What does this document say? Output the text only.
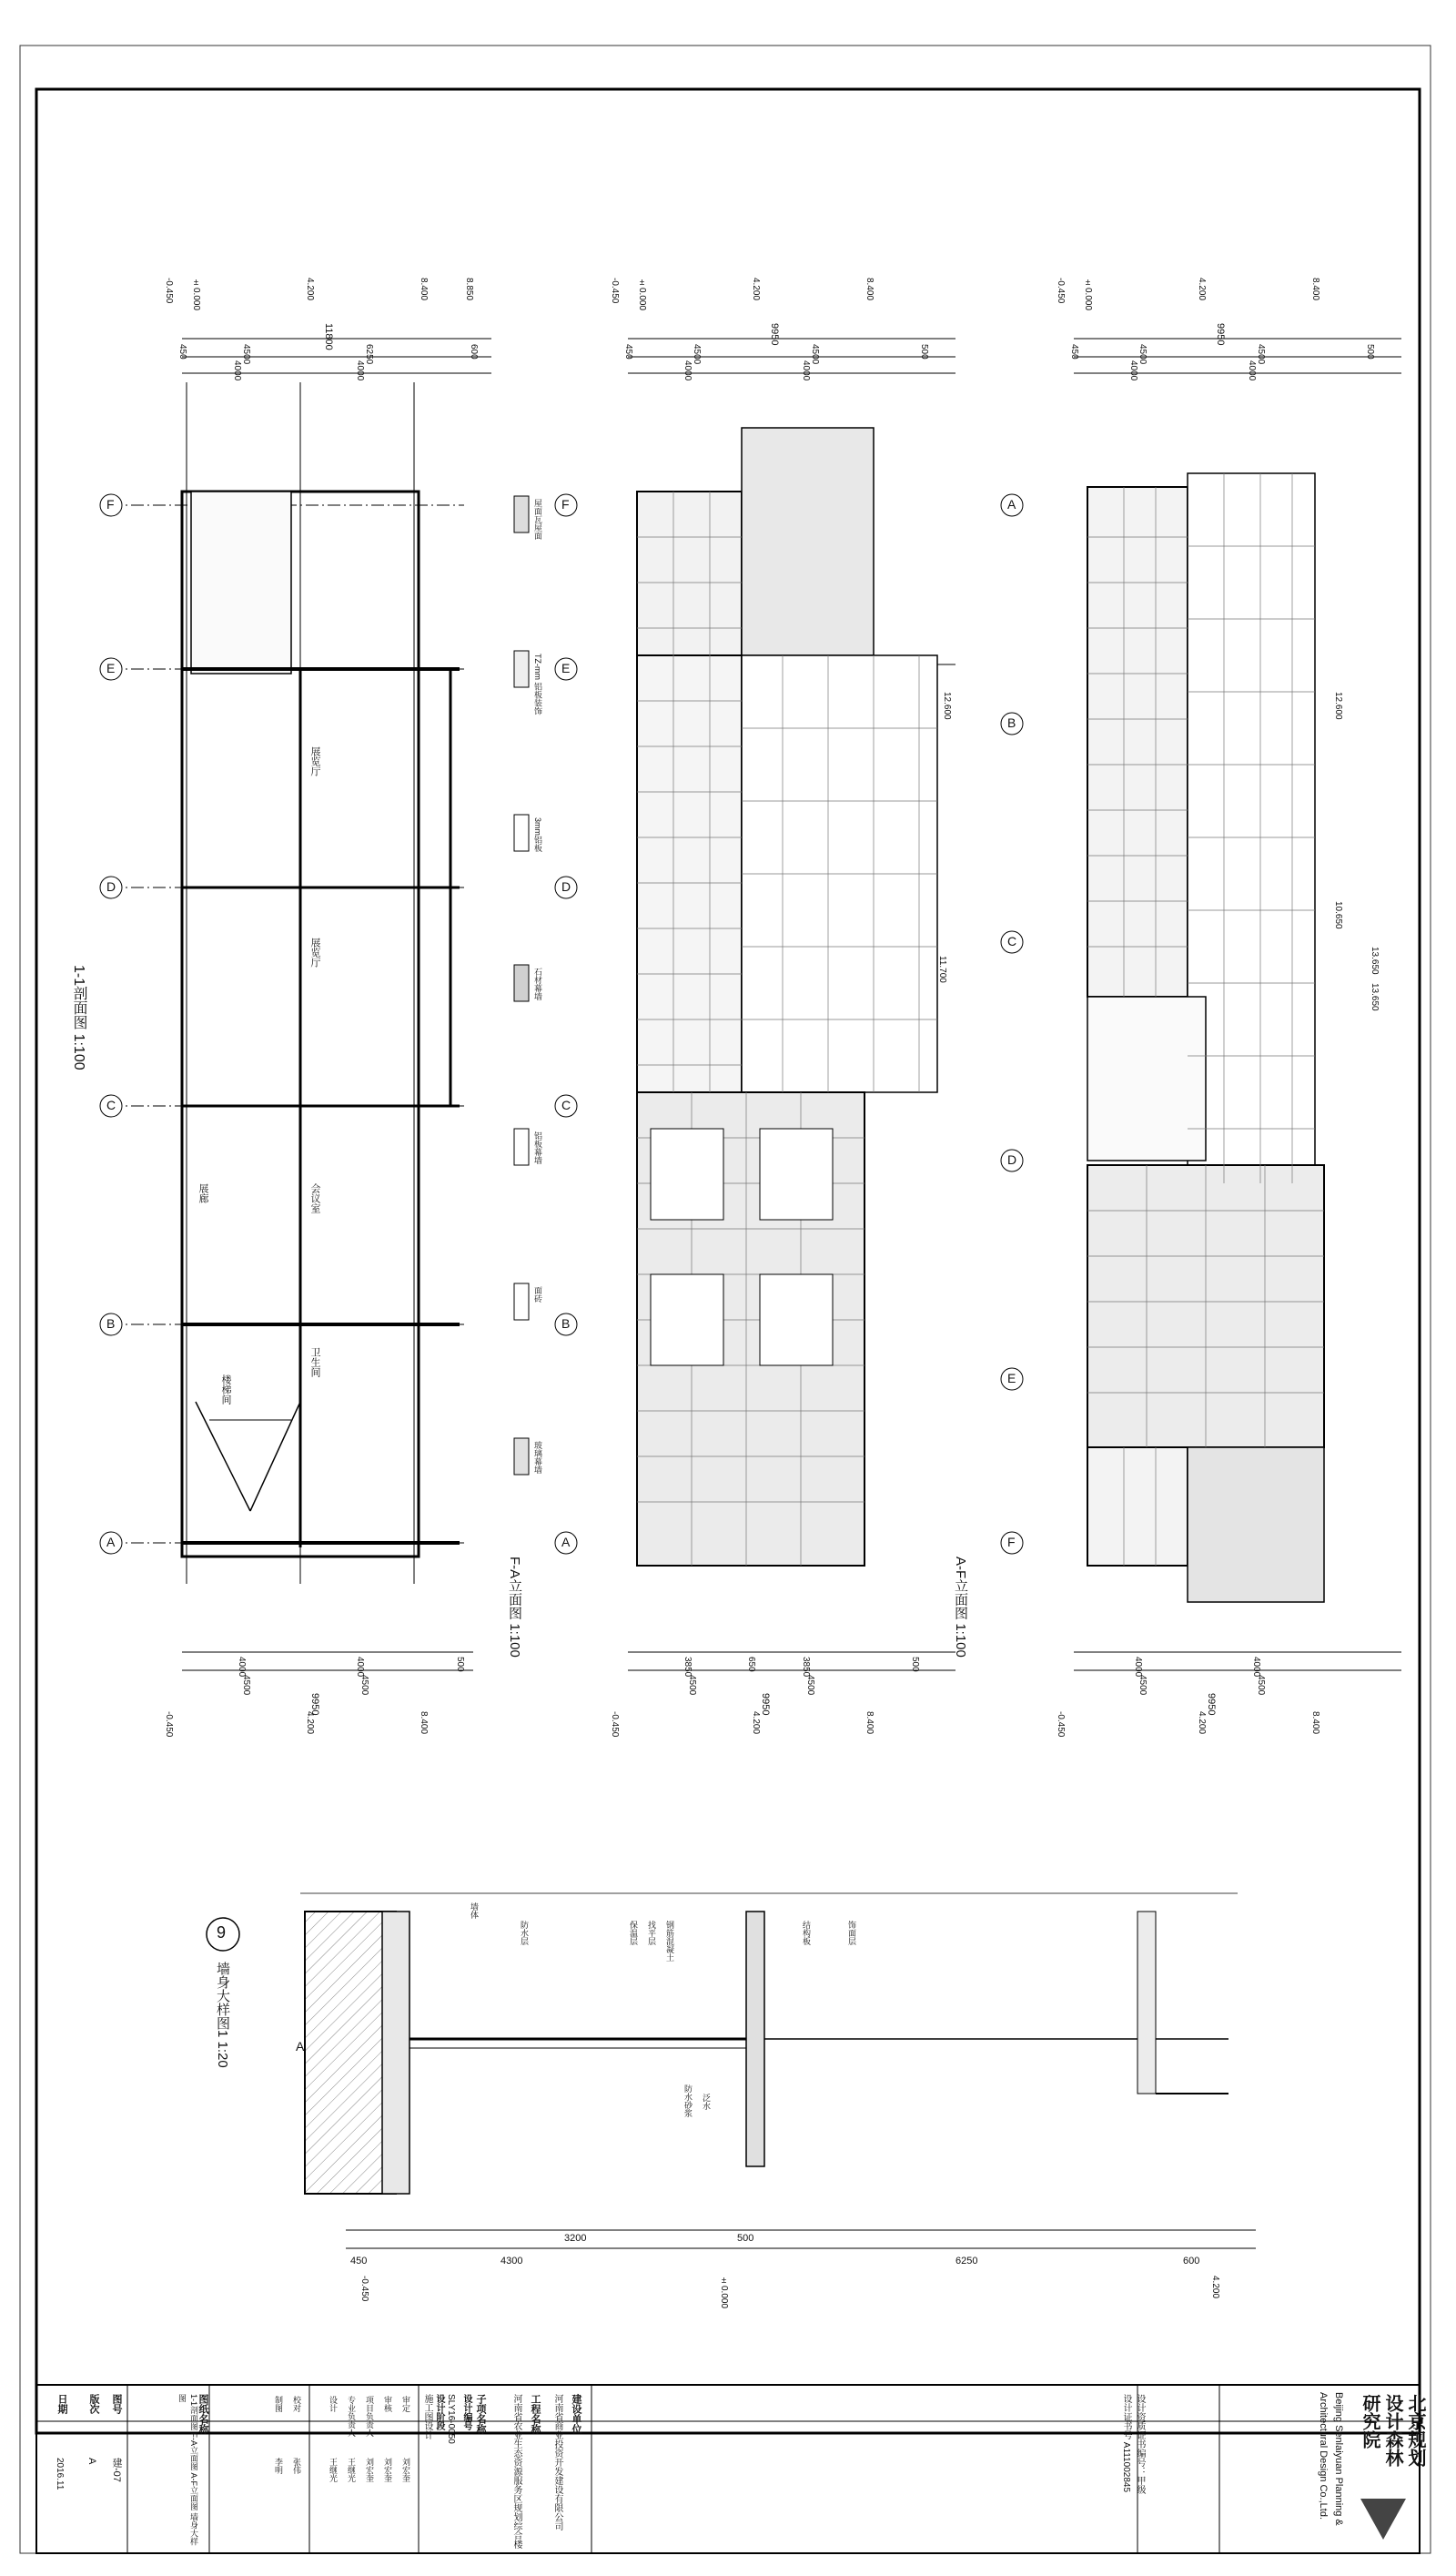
1-1剖面图 1:100
F-A立面图 1:100	A-F立面图 1:100
墙身大样图1 1:20
9
F
E
D
C
B
A
F
E
D
C
B
A
A
B
C
D
E
F
A
11800	9950	9950
450	4500	6250	600	450	4500	4500	500	450	4500	4500	500
4000	4000	4000	4000	4000	4000
-0.450 ±0.000	4.200	8.400	8.850	-0.450 ±0.000	4.200	8.400	-0.450 ±0.000	4.200	8.400
4000	4000	500	3850	650	3850	500	4000	4000
4500	4500	4500	4500	4500	4500
9950	9950	9950
-0.450	4.200	8.400	-0.450	4.200	8.400	-0.450	4.200	8.400
展览厅
展览厅
展廊	会议室
楼梯间
卫生间
12.600
11.700
12.600
10.650
13.650
13.650
屋面瓦屋面
TZ-mm 铝板装饰
3mm铝板
石材幕墙
铝板幕墙
面砖
玻璃幕墙
450	4300
3200	500
6250	600
-0.450	±0.000	4.200
墙体
防水层	保温层 找平层 钢筋混凝土
防水砂浆 泛水
结构板	饰面层
北京规划
设计森林
研究院
Beijing Senlaiyuan Planning &
Architectural Design Co.,Ltd.
设计资质证书编号：甲级
设计证书号 A111002845
建设单位
河南省商业投资开发建设有限公司
工程名称
河南省农业生态资源服务区规划综合楼
子项名称
设计编号
SLY16-0050
设计阶段
施工图设计
审定
刘宏奎
审核
刘宏奎
项目负责人
刘宏奎
专业负责人
王继光
设计
王继光
校对
张伟
制图
李明
图纸名称
1-1剖面图 F-A立面图 A-F立面图 墙身大样图
图号
建-07
版次
A
日期
2016.11
